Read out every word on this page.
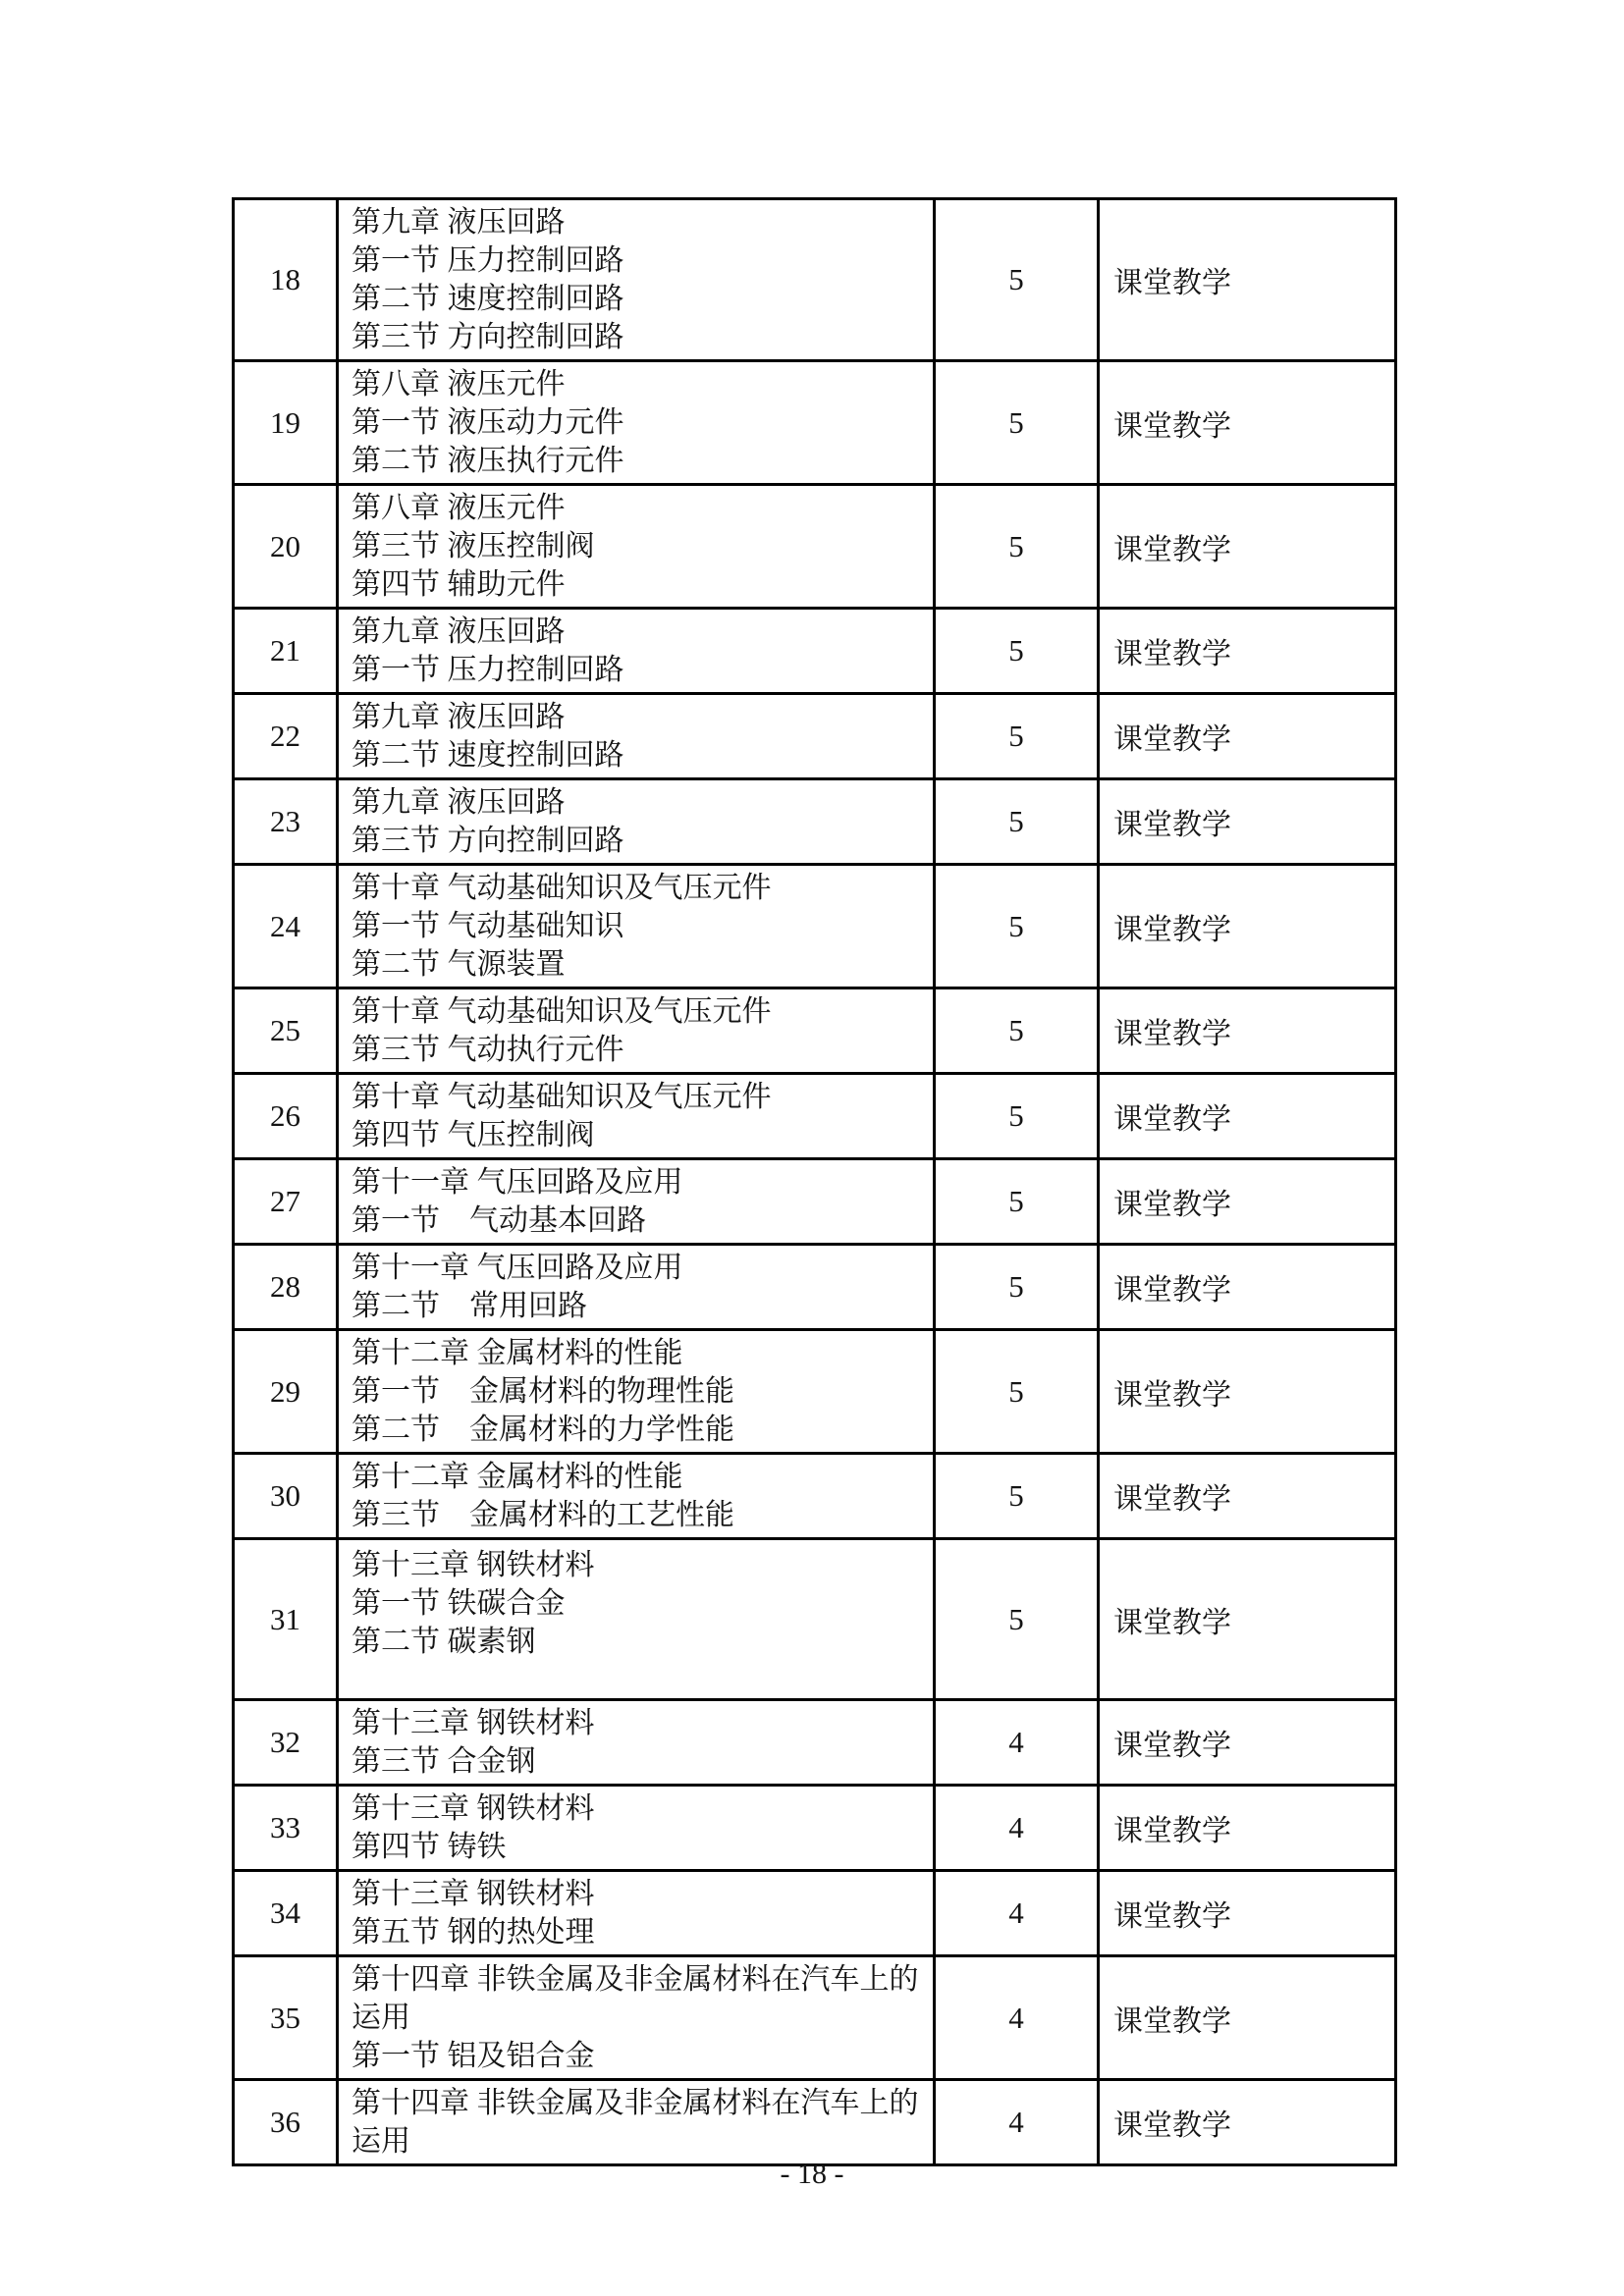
18	第九章 液压回路
第一节 压力控制回路
第二节 速度控制回路
第三节 方向控制回路	5	课堂教学
19	第八章 液压元件
第一节 液压动力元件
第二节 液压执行元件	5	课堂教学
20	第八章 液压元件
第三节 液压控制阀
第四节 辅助元件	5	课堂教学
21	第九章 液压回路
第一节 压力控制回路	5	课堂教学
22	第九章 液压回路
第二节 速度控制回路	5	课堂教学
23	第九章 液压回路
第三节 方向控制回路	5	课堂教学
24	第十章 气动基础知识及气压元件
第一节 气动基础知识
第二节 气源装置	5	课堂教学
25	第十章 气动基础知识及气压元件
第三节 气动执行元件	5	课堂教学
26	第十章 气动基础知识及气压元件
第四节 气压控制阀	5	课堂教学
27	第十一章 气压回路及应用
第一节　气动基本回路	5	课堂教学
28	第十一章 气压回路及应用
第二节　常用回路	5	课堂教学
29	第十二章 金属材料的性能
第一节　金属材料的物理性能
第二节　金属材料的力学性能	5	课堂教学
30	第十二章 金属材料的性能
第三节　金属材料的工艺性能	5	课堂教学
31	第十三章 钢铁材料
第一节 铁碳合金
第二节 碳素钢	5	课堂教学
32	第十三章 钢铁材料
第三节 合金钢	4	课堂教学
33	第十三章 钢铁材料
第四节 铸铁	4	课堂教学
34	第十三章 钢铁材料
第五节 钢的热处理	4	课堂教学
35	第十四章 非铁金属及非金属材料在汽车上的
运用
第一节 铝及铝合金	4	课堂教学
36	第十四章 非铁金属及非金属材料在汽车上的
运用	4	课堂教学
- 18 -
